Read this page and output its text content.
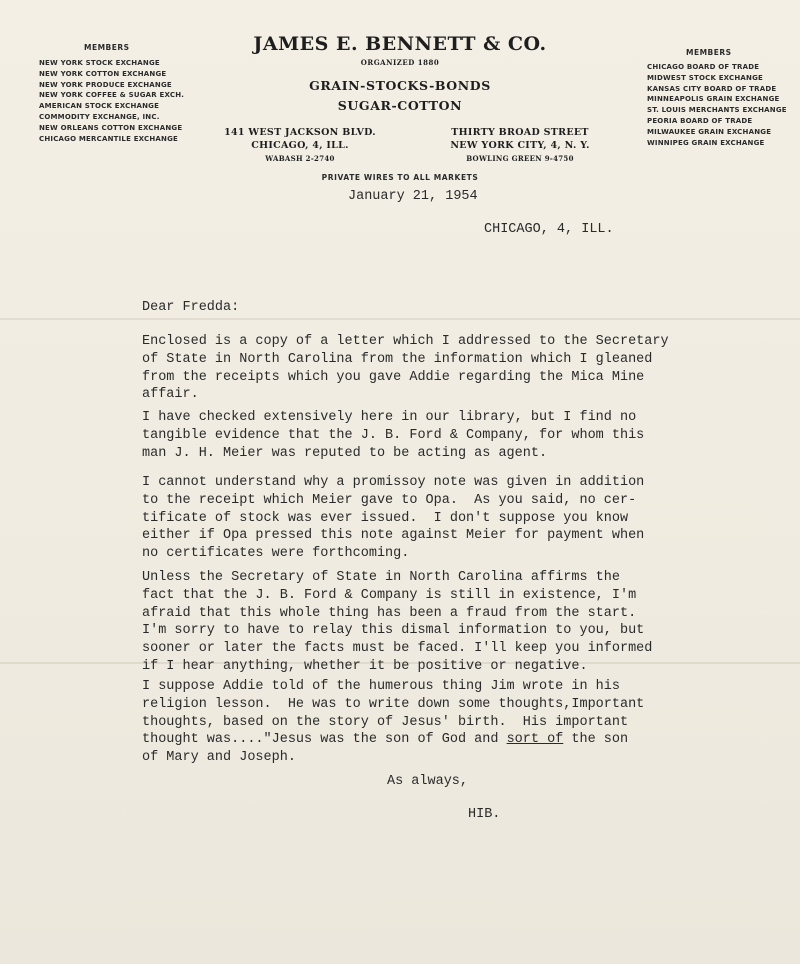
MEMBERS
NEW YORK STOCK EXCHANGE
NEW YORK COTTON EXCHANGE
NEW YORK PRODUCE EXCHANGE
NEW YORK COFFEE & SUGAR EXCH.
AMERICAN STOCK EXCHANGE
COMMODITY EXCHANGE, INC.
NEW ORLEANS COTTON EXCHANGE
CHICAGO MERCANTILE EXCHANGE
MEMBERS
CHICAGO BOARD OF TRADE
MIDWEST STOCK EXCHANGE
KANSAS CITY BOARD OF TRADE
MINNEAPOLIS GRAIN EXCHANGE
ST. LOUIS MERCHANTS EXCHANGE
PEORIA BOARD OF TRADE
MILWAUKEE GRAIN EXCHANGE
WINNIPEG GRAIN EXCHANGE
JAMES E. BENNETT & CO.
ORGANIZED 1880
GRAIN-STOCKS-BONDS
SUGAR-COTTON
141 WEST JACKSON BLVD.
CHICAGO, 4, ILL.
WABASH 2-2740
THIRTY BROAD STREET
NEW YORK CITY, 4, N. Y.
BOWLING GREEN 9-4750
PRIVATE WIRES TO ALL MARKETS
January 21, 1954
CHICAGO, 4, ILL.
Dear Fredda:
Enclosed is a copy of a letter which I addressed to the Secretary
of State in North Carolina from the information which I gleaned
from the receipts which you gave Addie regarding the Mica Mine
affair.
I have checked extensively here in our library, but I find no
tangible evidence that the J. B. Ford & Company, for whom this
man J. H. Meier was reputed to be acting as agent.
I cannot understand why a promissoy note was given in addition
to the receipt which Meier gave to Opa.  As you said, no cer-
tificate of stock was ever issued.  I don't suppose you know
either if Opa pressed this note against Meier for payment when
no certificates were forthcoming.
Unless the Secretary of State in North Carolina affirms the
fact that the J. B. Ford & Company is still in existence, I'm
afraid that this whole thing has been a fraud from the start.
I'm sorry to have to relay this dismal information to you, but
sooner or later the facts must be faced. I'll keep you informed
if I hear anything, whether it be positive or negative.
I suppose Addie told of the humerous thing Jim wrote in his
religion lesson.  He was to write down some thoughts,Important
thoughts, based on the story of Jesus' birth.  His important
thought was...."Jesus was the son of God and sort of the son
of Mary and Joseph.
As always,
HIB.
